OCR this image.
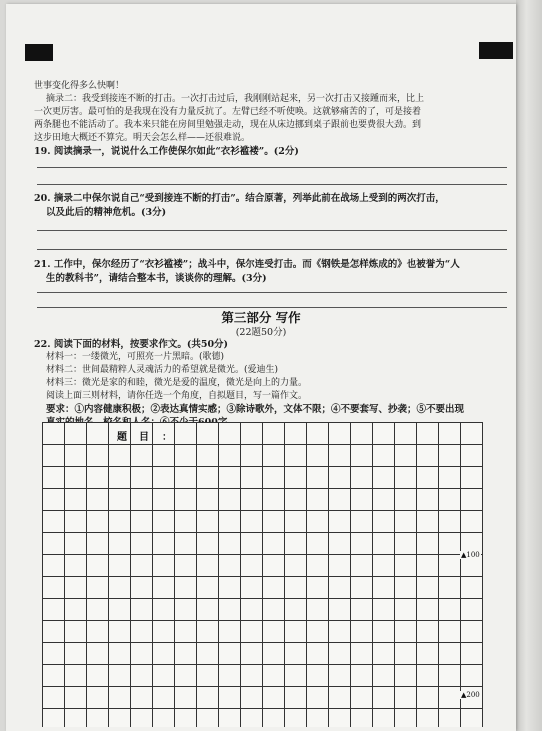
世事变化得多么快啊！
摘录二：我受到接连不断的打击。一次打击过后，我刚刚站起来，另一次打击又接踵而来，比上
一次更厉害。最可怕的是我现在没有力量反抗了。左臂已经不听使唤。这就够痛苦的了，可是接着
两条腿也不能活动了。我本来只能在房间里勉强走动，现在从床边挪到桌子跟前也要费很大劲。到
这步田地大概还不算完。明天会怎么样——还很难说。
19. 阅读摘录一，说说什么工作使保尔如此“衣衫褴褛”。(2分)
20. 摘录二中保尔说自己“受到接连不断的打击”。结合原著，列举此前在战场上受到的两次打击，
以及此后的精神危机。(3分)
21. 工作中，保尔经历了“衣衫褴褛”；战斗中，保尔连受打击。而《钢铁是怎样炼成的》也被誉为“人
生的教科书”，请结合整本书，谈谈你的理解。(3分)
第三部分 写作
(22题50分)
22. 阅读下面的材料，按要求作文。(共50分)
材料一：一缕微光，可照亮一片黑暗。(歌德)
材料二：世间最精粹人灵魂活力的希望就是微光。(爱迪生)
材料三：微光是家的和睦，微光是爱的温度，微光是向上的力量。
阅读上面三则材料，请你任选一个角度，自拟题目，写一篇作文。
要求：①内容健康积极；②表达真情实感；③除诗歌外，文体不限；④不要套写、抄袭；⑤不要出现
题 目 ：
▲100
▲200
